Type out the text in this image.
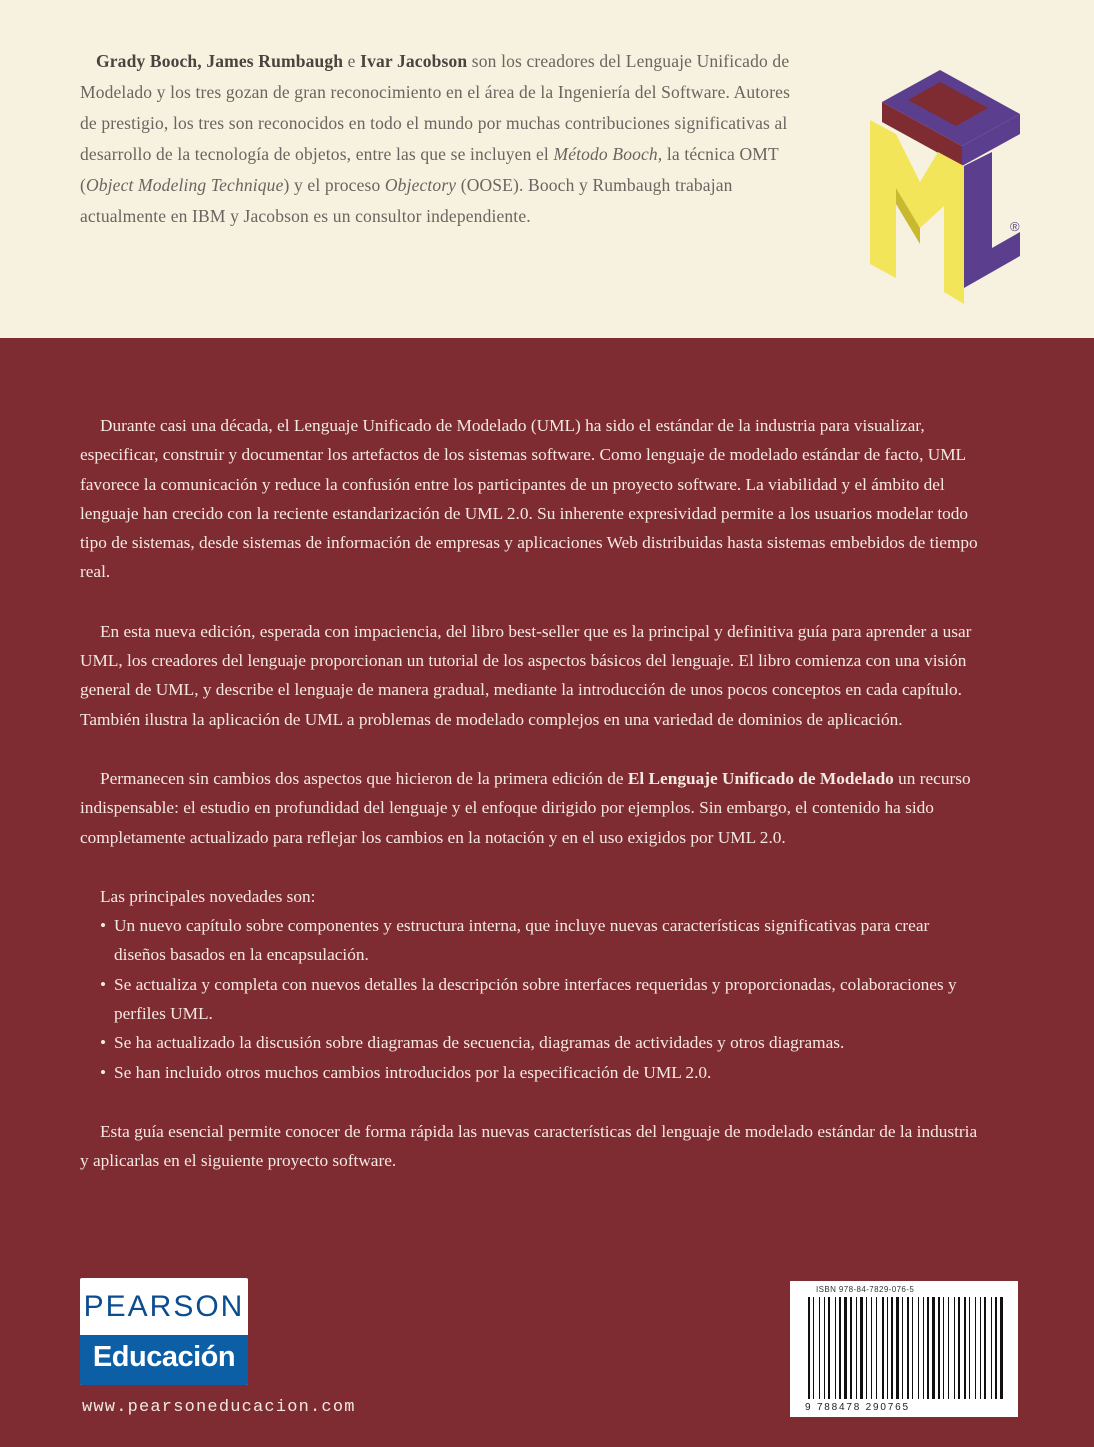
Grady Booch, James Rumbaugh e Ivar Jacobson son los creadores del Lenguaje Unificado de Modelado y los tres gozan de gran reconocimiento en el área de la Ingeniería del Software. Autores de prestigio, los tres son reconocidos en todo el mundo por muchas contribuciones significativas al desarrollo de la tecnología de objetos, entre las que se incluyen el Método Booch, la técnica OMT (Object Modeling Technique) y el proceso Objectory (OOSE). Booch y Rumbaugh trabajan actualmente en IBM y Jacobson es un consultor independiente.

®

Durante casi una década, el Lenguaje Unificado de Modelado (UML) ha sido el estándar de la industria para visualizar, especificar, construir y documentar los artefactos de los sistemas software. Como lenguaje de modelado estándar de facto, UML favorece la comunicación y reduce la confusión entre los participantes de un proyecto software. La viabilidad y el ámbito del lenguaje han crecido con la reciente estandarización de UML 2.0. Su inherente expresividad permite a los usuarios modelar todo tipo de sistemas, desde sistemas de información de empresas y aplicaciones Web distribuidas hasta sistemas embebidos de tiempo real.

En esta nueva edición, esperada con impaciencia, del libro best-seller que es la principal y definitiva guía para aprender a usar UML, los creadores del lenguaje proporcionan un tutorial de los aspectos básicos del lenguaje. El libro comienza con una visión general de UML, y describe el lenguaje de manera gradual, mediante la introducción de unos pocos conceptos en cada capítulo. También ilustra la aplicación de UML a problemas de modelado complejos en una variedad de dominios de aplicación.

Permanecen sin cambios dos aspectos que hicieron de la primera edición de El Lenguaje Unificado de Modelado un recurso indispensable: el estudio en profundidad del lenguaje y el enfoque dirigido por ejemplos. Sin embargo, el contenido ha sido completamente actualizado para reflejar los cambios en la notación y en el uso exigidos por UML 2.0.

Las principales novedades son:

• Un nuevo capítulo sobre componentes y estructura interna, que incluye nuevas características significativas para crear diseños basados en la encapsulación.
• Se actualiza y completa con nuevos detalles la descripción sobre interfaces requeridas y proporcionadas, colaboraciones y perfiles UML.
• Se ha actualizado la discusión sobre diagramas de secuencia, diagramas de actividades y otros diagramas.
• Se han incluido otros muchos cambios introducidos por la especificación de UML 2.0.

Esta guía esencial permite conocer de forma rápida las nuevas características del lenguaje de modelado estándar de la industria y aplicarlas en el siguiente proyecto software.

PEARSON
Educación
www.pearsoneducacion.com
ISBN 978-84-7829-076-5
9 788478 290765
